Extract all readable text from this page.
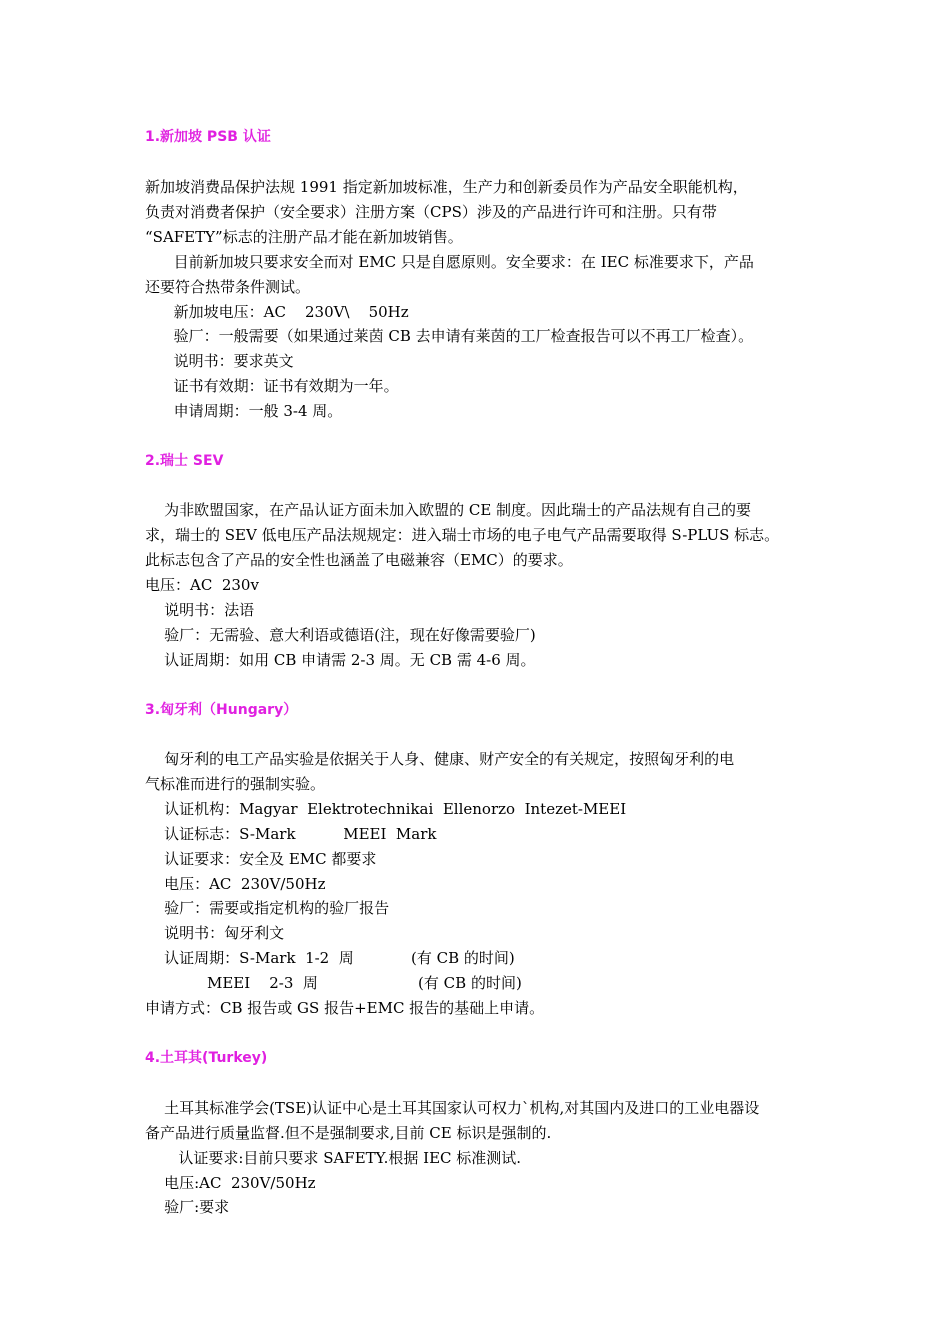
1.新加坡 PSB 认证
新加坡消费品保护法规 1991 指定新加坡标准，生产力和创新委员作为产品安全职能机构，
负责对消费者保护（安全要求）注册方案（CPS）涉及的产品进行许可和注册。只有带
“SAFETY”标志的注册产品才能在新加坡销售。
目前新加坡只要求安全而对 EMC 只是自愿原则。安全要求：在 IEC 标准要求下，产品
还要符合热带条件测试。
新加坡电压：AC    230V\    50Hz
验厂：一般需要（如果通过莱茵 CB 去申请有莱茵的工厂检查报告可以不再工厂检查）。
说明书：要求英文
证书有效期：证书有效期为一年。
申请周期：一般 3-4 周。
2.瑞士 SEV
为非欧盟国家，在产品认证方面未加入欧盟的 CE 制度。因此瑞士的产品法规有自己的要
求，瑞士的 SEV 低电压产品法规规定：进入瑞士市场的电子电气产品需要取得 S-PLUS 标志。
此标志包含了产品的安全性也涵盖了电磁兼容（EMC）的要求。
电压：AC  230v
说明书：法语
验厂：无需验、意大利语或德语(注，现在好像需要验厂)
认证周期：如用 CB 申请需 2-3 周。无 CB 需 4-6 周。
3.匈牙利（Hungary）
匈牙利的电工产品实验是依据关于人身、健康、财产安全的有关规定，按照匈牙利的电
气标准而进行的强制实验。
认证机构：Magyar  Elektrotechnikai  Ellenorzo  Intezet-MEEI
认证标志：S-Mark          MEEI  Mark
认证要求：安全及 EMC 都要求
电压：AC  230V/50Hz
验厂：需要或指定机构的验厂报告
说明书：匈牙利文
认证周期：S-Mark  1-2  周            (有 CB 的时间)
MEEI    2-3  周                     (有 CB 的时间)
申请方式：CB 报告或 GS 报告+EMC 报告的基础上申请。
4.土耳其(Turkey)
土耳其标准学会(TSE)认证中心是土耳其国家认可权力`机构,对其国内及进口的工业电器设
备产品进行质量监督.但不是强制要求,目前 CE 标识是强制的.
认证要求:目前只要求 SAFETY.根据 IEC 标准测试.
电压:AC  230V/50Hz
验厂:要求
